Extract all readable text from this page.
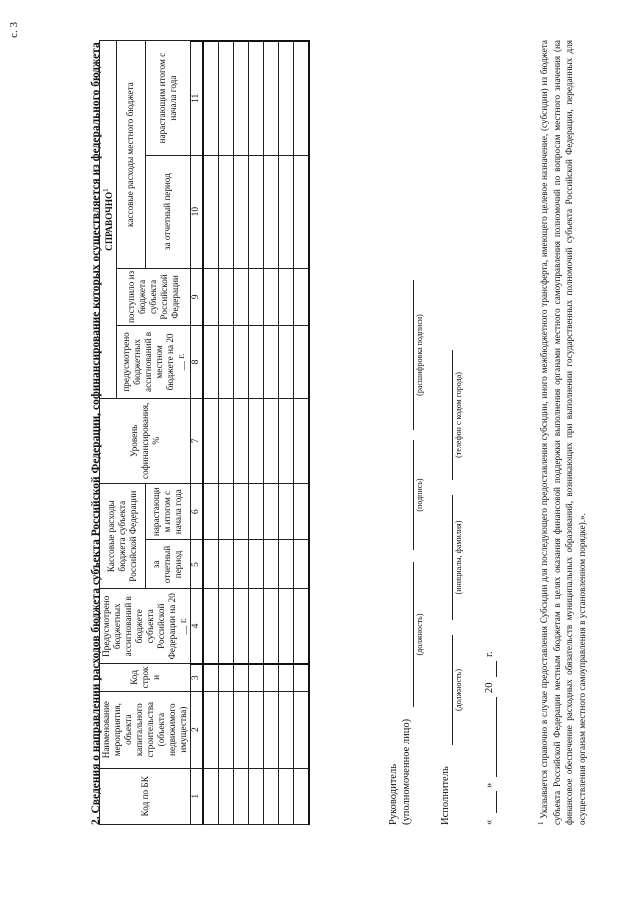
с. 3
2. Сведения о направлении расходов бюджета субъекта Российской Федерации, софинансирование которых осуществляется из федерального бюджета	Код по БК	Наименование мероприятия, объекта капитального строительства (объекта недвижимого имущества)	Код строки	Предусмотрено бюджетных ассигнований в бюджете субъекта Российской Федерации на 20 __ г.	Кассовые расходы бюджета субъекта Российской Федерации		Уровень софинансирования, %	СПРАВОЧНО$^1$
							предусмотрено бюджетных ассигнований в местном бюджете на 20 __ г.	поступило из бюджета субъекта Российской Федерации	кассовые расходы местного бюджета	
				за отчетный период	нарастающим итогом с начала года				за отчетный период	нарастающим итогом с начала года
1	2	3	4	5	6	7	8	9	10	11

Руководитель (уполномоченное лицо)
(должность)
(подпись)
(расшифровка подписи)
Исполнитель
(должность)
(инициалы, фамилия)
(телефон с кодом города)
«
»
20
г.
$^1$ Указывается справочно в случае предоставления Субсидии для последующего предоставления субсидии, иного межбюджетного трансферта, имеющего целевое назначение, (субсидии) из бюджета субъекта Российской Федерации местным бюджетам в целях оказания финансовой поддержки выполнения органами местного самоуправления полномочий по вопросам местного значения (на финансовое обеспечение расходных обязательств муниципальных образований, возникающих при выполнении государственных полномочий субъекта Российской Федерации, переданных для осуществления органам местного самоуправления в установленном порядке).».
